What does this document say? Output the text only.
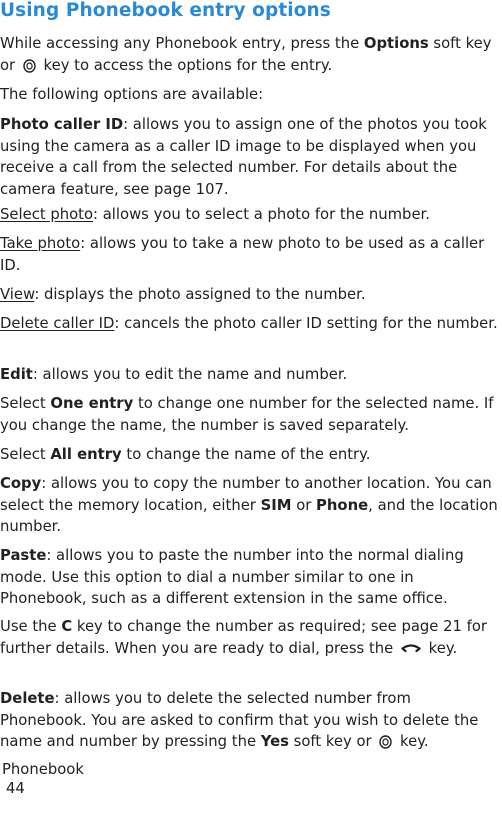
Using Phonebook entry options

While accessing any Phonebook entry, press the Options soft key or  key to access the options for the entry.

The following options are available:

Photo caller ID: allows you to assign one of the photos you took using the camera as a caller ID image to be displayed when you receive a call from the selected number. For details about the camera feature, see page 107.

Select photo: allows you to select a photo for the number.

Take photo: allows you to take a new photo to be used as a caller ID.

View: displays the photo assigned to the number.

Delete caller ID: cancels the photo caller ID setting for the number.

Edit: allows you to edit the name and number.

Select One entry to change one number for the selected name. If you change the name, the number is saved separately.

Select All entry to change the name of the entry.

Copy: allows you to copy the number to another location. You can select the memory location, either SIM or Phone, and the location number.

Paste: allows you to paste the number into the normal dialing mode. Use this option to dial a number similar to one in Phonebook, such as a different extension in the same office.

Use the C key to change the number as required; see page 21 for further details. When you are ready to dial, press the  key.

Delete: allows you to delete the selected number from Phonebook. You are asked to confirm that you wish to delete the name and number by pressing the Yes soft key or  key.

Phonebook
44
